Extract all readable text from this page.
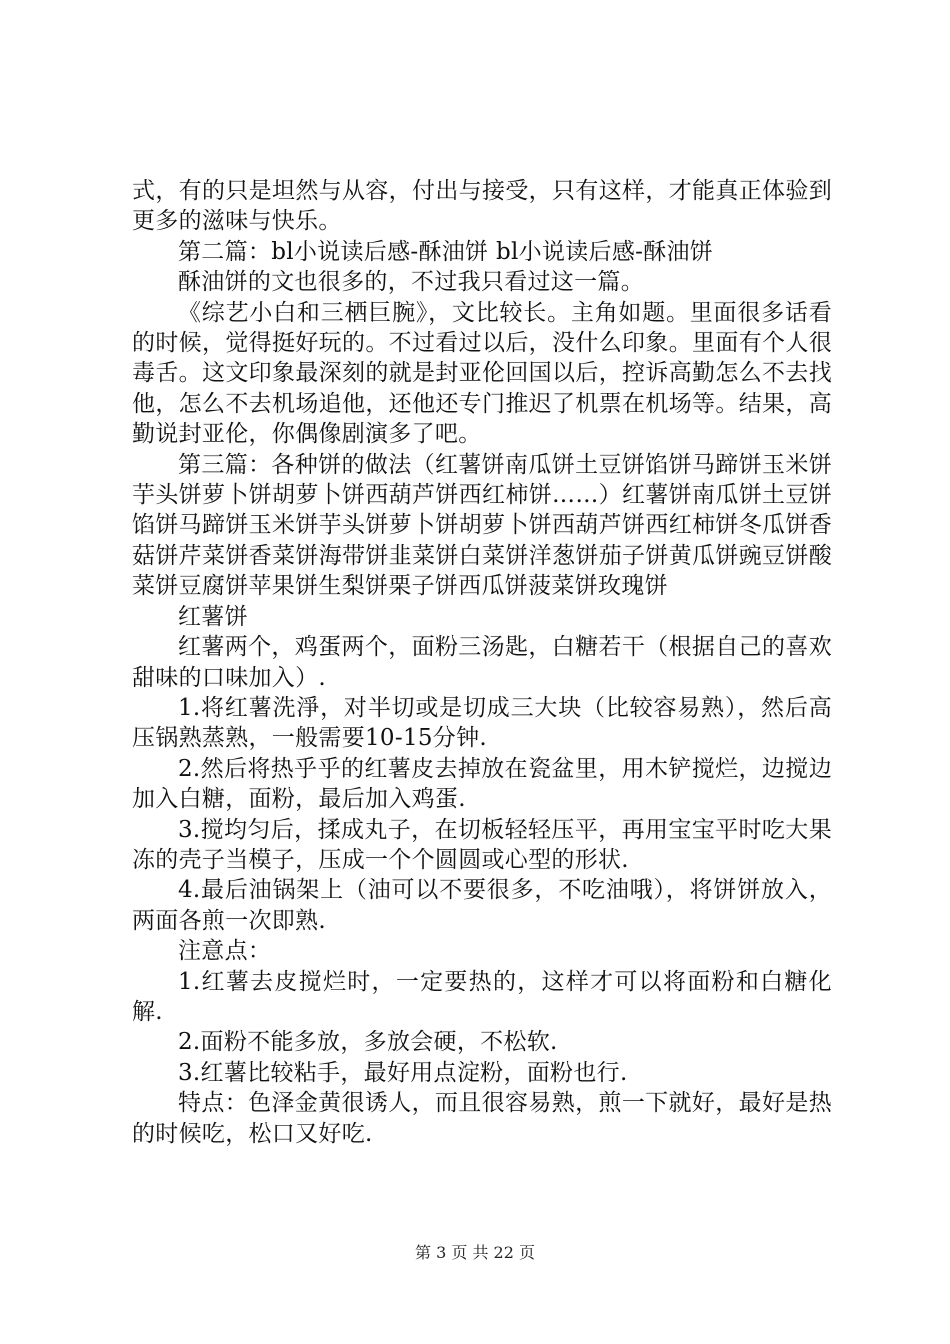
式，有的只是坦然与从容，付出与接受，只有这样，才能真正体验到更多的滋味与快乐。

第二篇：bl小说读后感-酥油饼 bl小说读后感-酥油饼

酥油饼的文也很多的，不过我只看过这一篇。

《综艺小白和三栖巨腕》，文比较长。主角如题。里面很多话看的时候，觉得挺好玩的。不过看过以后，没什么印象。里面有个人很毒舌。这文印象最深刻的就是封亚伦回国以后，控诉高勤怎么不去找他，怎么不去机场追他，还他还专门推迟了机票在机场等。结果，高勤说封亚伦，你偶像剧演多了吧。

第三篇：各种饼的做法（红薯饼南瓜饼土豆饼馅饼马蹄饼玉米饼芋头饼萝卜饼胡萝卜饼西葫芦饼西红柿饼……）红薯饼南瓜饼土豆饼馅饼马蹄饼玉米饼芋头饼萝卜饼胡萝卜饼西葫芦饼西红柿饼冬瓜饼香菇饼芹菜饼香菜饼海带饼韭菜饼白菜饼洋葱饼茄子饼黄瓜饼豌豆饼酸菜饼豆腐饼苹果饼生梨饼栗子饼西瓜饼菠菜饼玫瑰饼

红薯饼

红薯两个，鸡蛋两个，面粉三汤匙，白糖若干（根据自己的喜欢甜味的口味加入）.

1.将红薯洗淨，对半切或是切成三大块（比较容易熟），然后高压锅熟蒸熟，一般需要10-15分钟.

2.然后将热乎乎的红薯皮去掉放在瓷盆里，用木铲搅烂，边搅边加入白糖，面粉，最后加入鸡蛋.

3.搅均匀后，揉成丸子，在切板轻轻压平，再用宝宝平时吃大果冻的壳子当模子，压成一个个圆圆或心型的形状.

4.最后油锅架上（油可以不要很多，不吃油哦），将饼饼放入，两面各煎一次即熟.

注意点：

1.红薯去皮搅烂时，一定要热的，这样才可以将面粉和白糖化解.

2.面粉不能多放，多放会硬，不松软.

3.红薯比较粘手，最好用点淀粉，面粉也行.

特点：色泽金黄很诱人，而且很容易熟，煎一下就好，最好是热的时候吃，松口又好吃.

第 3 页 共 22 页
